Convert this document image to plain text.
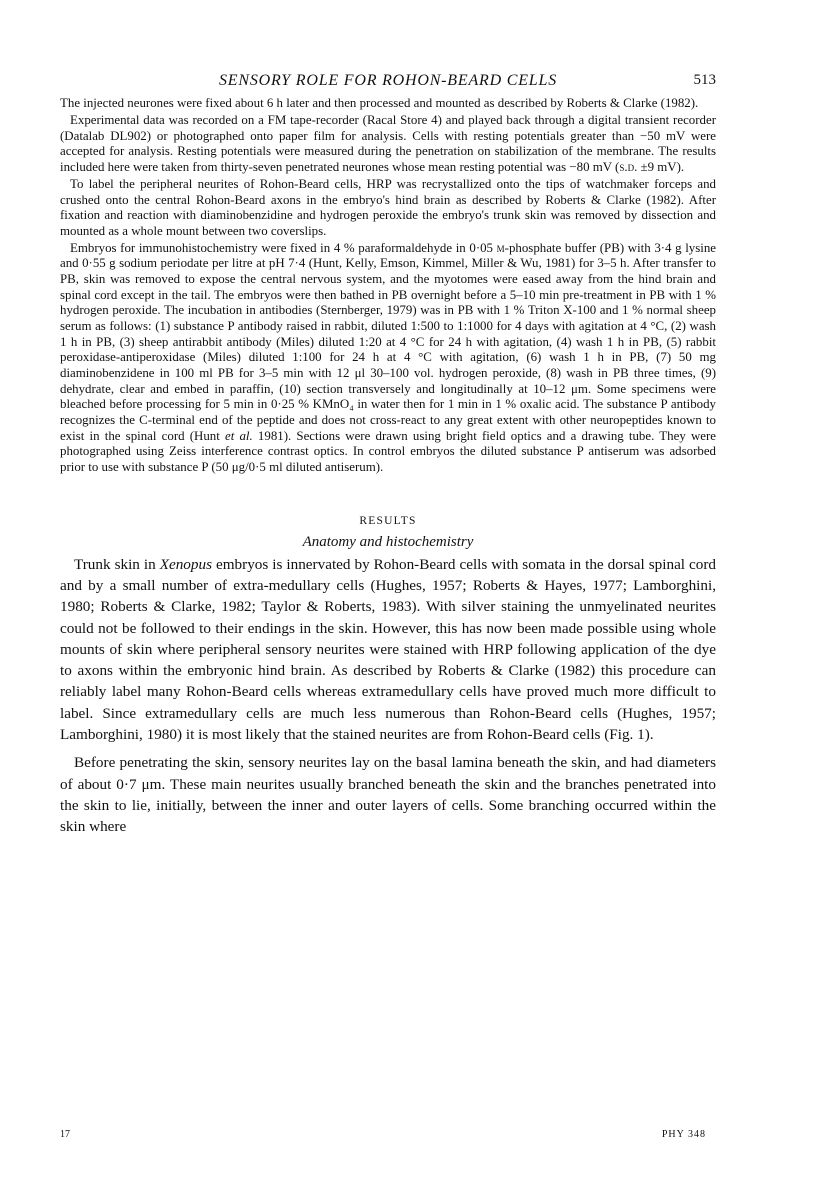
SENSORY ROLE FOR ROHON-BEARD CELLS	513

The injected neurones were fixed about 6 h later and then processed and mounted as described by Roberts & Clarke (1982).

Experimental data was recorded on a FM tape-recorder (Racal Store 4) and played back through a digital transient recorder (Datalab DL902) or photographed onto paper film for analysis. Cells with resting potentials greater than −50 mV were accepted for analysis. Resting potentials were measured during the penetration on stabilization of the membrane. The results included here were taken from thirty-seven penetrated neurones whose mean resting potential was −80 mV (s.d. ±9 mV).

To label the peripheral neurites of Rohon-Beard cells, HRP was recrystallized onto the tips of watchmaker forceps and crushed onto the central Rohon-Beard axons in the embryo's hind brain as described by Roberts & Clarke (1982). After fixation and reaction with diaminobenzidine and hydrogen peroxide the embryo's trunk skin was removed by dissection and mounted as a whole mount between two coverslips.

Embryos for immunohistochemistry were fixed in 4 % paraformaldehyde in 0·05 m-phosphate buffer (PB) with 3·4 g lysine and 0·55 g sodium periodate per litre at pH 7·4 (Hunt, Kelly, Emson, Kimmel, Miller & Wu, 1981) for 3–5 h. After transfer to PB, skin was removed to expose the central nervous system, and the myotomes were eased away from the hind brain and spinal cord except in the tail. The embryos were then bathed in PB overnight before a 5–10 min pre-treatment in PB with 1 % hydrogen peroxide. The incubation in antibodies (Sternberger, 1979) was in PB with 1 % Triton X-100 and 1 % normal sheep serum as follows: (1) substance P antibody raised in rabbit, diluted 1:500 to 1:1000 for 4 days with agitation at 4 °C, (2) wash 1 h in PB, (3) sheep antirabbit antibody (Miles) diluted 1:20 at 4 °C for 24 h with agitation, (4) wash 1 h in PB, (5) rabbit peroxidase-antiperoxidase (Miles) diluted 1:100 for 24 h at 4 °C with agitation, (6) wash 1 h in PB, (7) 50 mg diaminobenzidene in 100 ml PB for 3–5 min with 12 μl 30–100 vol. hydrogen peroxide, (8) wash in PB three times, (9) dehydrate, clear and embed in paraffin, (10) section transversely and longitudinally at 10–12 μm. Some specimens were bleached before processing for 5 min in 0·25 % KMnO₄ in water then for 1 min in 1 % oxalic acid. The substance P antibody recognizes the C-terminal end of the peptide and does not cross-react to any great extent with other neuropeptides known to exist in the spinal cord (Hunt et al. 1981). Sections were drawn using bright field optics and a drawing tube. They were photographed using Zeiss interference contrast optics. In control embryos the diluted substance P antiserum was adsorbed prior to use with substance P (50 μg/0·5 ml diluted antiserum).

RESULTS
Anatomy and histochemistry

Trunk skin in Xenopus embryos is innervated by Rohon-Beard cells with somata in the dorsal spinal cord and by a small number of extra-medullary cells (Hughes, 1957; Roberts & Hayes, 1977; Lamborghini, 1980; Roberts & Clarke, 1982; Taylor & Roberts, 1983). With silver staining the unmyelinated neurites could not be followed to their endings in the skin. However, this has now been made possible using whole mounts of skin where peripheral sensory neurites were stained with HRP following application of the dye to axons within the embryonic hind brain. As described by Roberts & Clarke (1982) this procedure can reliably label many Rohon-Beard cells whereas extramedullary cells have proved much more difficult to label. Since extramedullary cells are much less numerous than Rohon-Beard cells (Hughes, 1957; Lamborghini, 1980) it is most likely that the stained neurites are from Rohon-Beard cells (Fig. 1).

Before penetrating the skin, sensory neurites lay on the basal lamina beneath the skin, and had diameters of about 0·7 μm. These main neurites usually branched beneath the skin and the branches penetrated into the skin to lie, initially, between the inner and outer layers of cells. Some branching occurred within the skin where

17	PHY 348
